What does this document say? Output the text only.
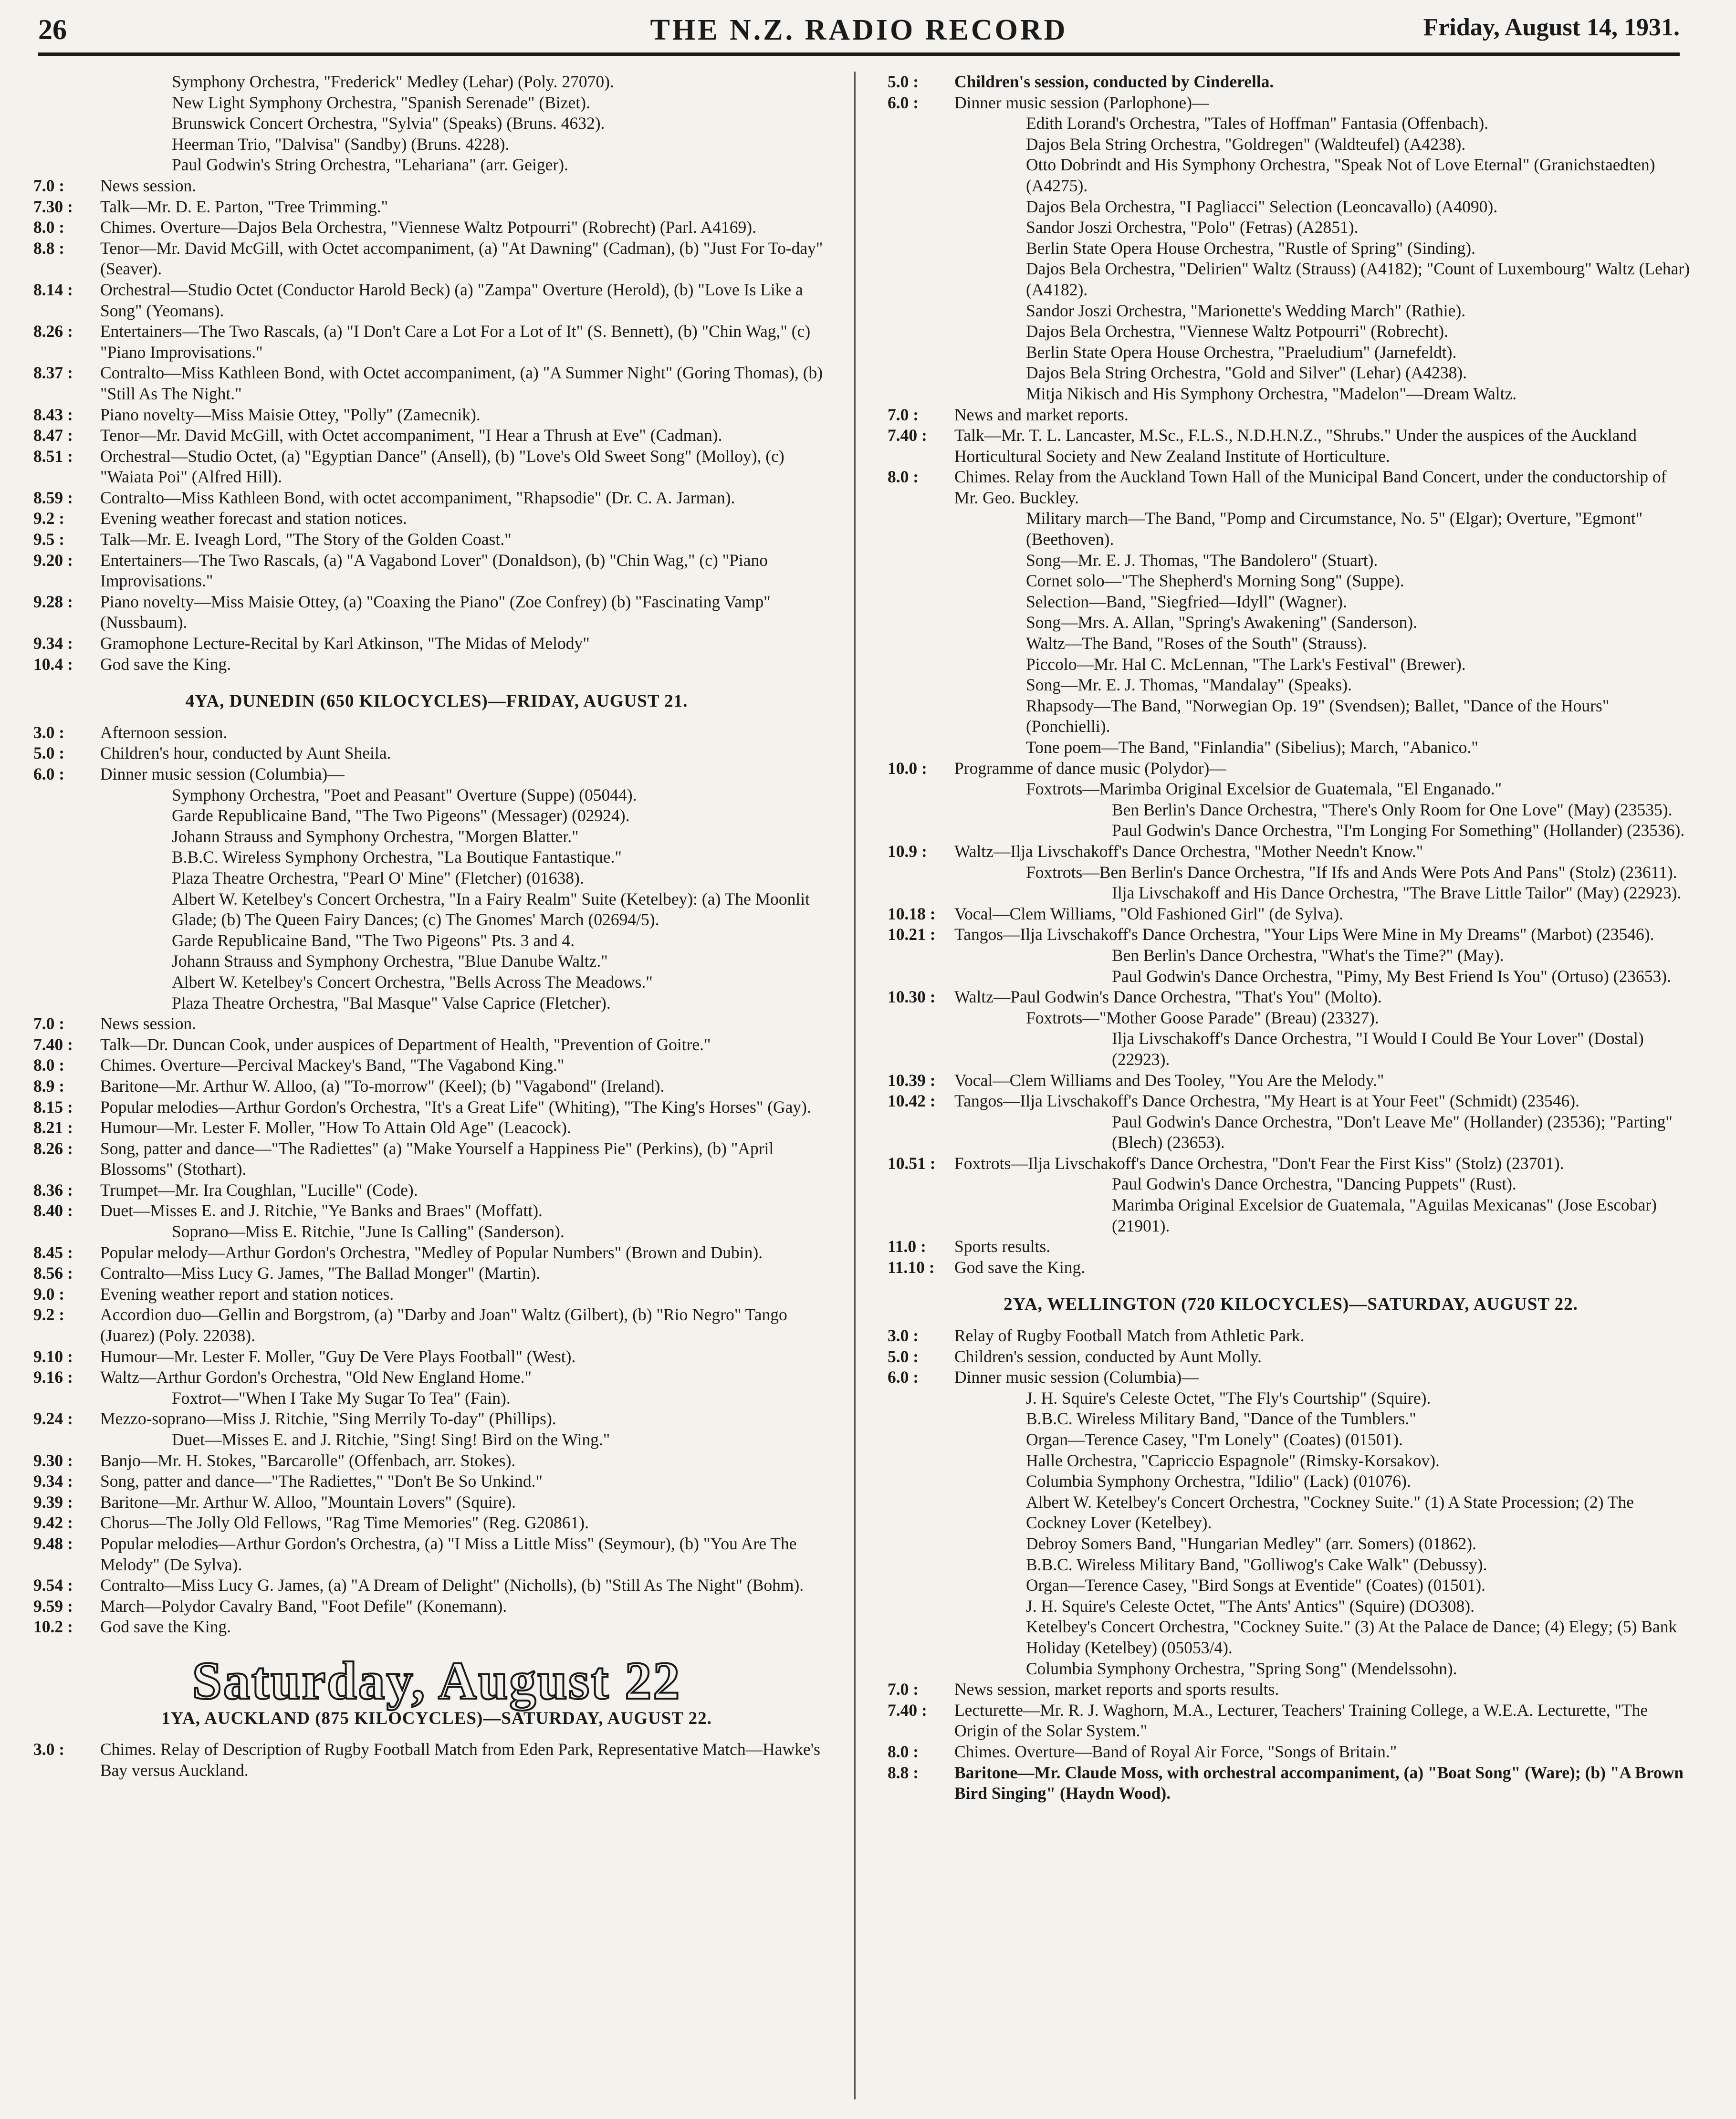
26	THE N.Z. RADIO RECORD	Friday, August 14, 1931.
Symphony Orchestra, "Frederick" Medley (Lehar) (Poly. 27070).
New Light Symphony Orchestra, "Spanish Serenade" (Bizet).
Brunswick Concert Orchestra, "Sylvia" (Speaks) (Bruns. 4632).
Heerman Trio, "Dalvisa" (Sandby) (Bruns. 4228).
Paul Godwin's String Orchestra, "Lehariana" (arr. Geiger).
7.0 :	News session.
7.30 :	Talk—Mr. D. E. Parton, "Tree Trimming."
8.0 :	Chimes. Overture—Dajos Bela Orchestra, "Viennese Waltz Potpourri" (Robrecht) (Parl. A4169).
8.8 :	Tenor—Mr. David McGill, with Octet accompaniment, (a) "At Dawning" (Cadman), (b) "Just For To-day" (Seaver).
8.14 :	Orchestral—Studio Octet (Conductor Harold Beck) (a) "Zampa" Overture (Herold), (b) "Love Is Like a Song" (Yeomans).
8.26 :	Entertainers—The Two Rascals, (a) "I Don't Care a Lot For a Lot of It" (S. Bennett), (b) "Chin Wag," (c) "Piano Improvisations."
8.37 :	Contralto—Miss Kathleen Bond, with Octet accompaniment, (a) "A Summer Night" (Goring Thomas), (b) "Still As The Night."
8.43 :	Piano novelty—Miss Maisie Ottey, "Polly" (Zamecnik).
8.47 :	Tenor—Mr. David McGill, with Octet accompaniment, "I Hear a Thrush at Eve" (Cadman).
8.51 :	Orchestral—Studio Octet, (a) "Egyptian Dance" (Ansell), (b) "Love's Old Sweet Song" (Molloy), (c) "Waiata Poi" (Alfred Hill).
8.59 :	Contralto—Miss Kathleen Bond, with octet accompaniment, "Rhapsodie" (Dr. C. A. Jarman).
9.2 :	Evening weather forecast and station notices.
9.5 :	Talk—Mr. E. Iveagh Lord, "The Story of the Golden Coast."
9.20 :	Entertainers—The Two Rascals, (a) "A Vagabond Lover" (Donaldson), (b) "Chin Wag," (c) "Piano Improvisations."
9.28 :	Piano novelty—Miss Maisie Ottey, (a) "Coaxing the Piano" (Zoe Confrey) (b) "Fascinating Vamp" (Nussbaum).
9.34 :	Gramophone Lecture-Recital by Karl Atkinson, "The Midas of Melody"
10.4 :	God save the King.
4YA, DUNEDIN (650 KILOCYCLES)—FRIDAY, AUGUST 21.
3.0 :	Afternoon session.
5.0 :	Children's hour, conducted by Aunt Sheila.
6.0 :	Dinner music session (Columbia)—
Symphony Orchestra, "Poet and Peasant" Overture (Suppe) (05044).
Garde Republicaine Band, "The Two Pigeons" (Messager) (02924).
Johann Strauss and Symphony Orchestra, "Morgen Blatter."
B.B.C. Wireless Symphony Orchestra, "La Boutique Fantastique."
Plaza Theatre Orchestra, "Pearl O' Mine" (Fletcher) (01638).
Albert W. Ketelbey's Concert Orchestra, "In a Fairy Realm" Suite (Ketelbey): (a) The Moonlit Glade; (b) The Queen Fairy Dances; (c) The Gnomes' March (02694/5).
Garde Republicaine Band, "The Two Pigeons" Pts. 3 and 4.
Johann Strauss and Symphony Orchestra, "Blue Danube Waltz."
Albert W. Ketelbey's Concert Orchestra, "Bells Across The Meadows."
Plaza Theatre Orchestra, "Bal Masque" Valse Caprice (Fletcher).
7.0 :	News session.
7.40 :	Talk—Dr. Duncan Cook, under auspices of Department of Health, "Prevention of Goitre."
8.0 :	Chimes. Overture—Percival Mackey's Band, "The Vagabond King."
8.9 :	Baritone—Mr. Arthur W. Alloo, (a) "To-morrow" (Keel); (b) "Vagabond" (Ireland).
8.15 :	Popular melodies—Arthur Gordon's Orchestra, "It's a Great Life" (Whiting), "The King's Horses" (Gay).
8.21 :	Humour—Mr. Lester F. Moller, "How To Attain Old Age" (Leacock).
8.26 :	Song, patter and dance—"The Radiettes" (a) "Make Yourself a Happiness Pie" (Perkins), (b) "April Blossoms" (Stothart).
8.36 :	Trumpet—Mr. Ira Coughlan, "Lucille" (Code).
8.40 :	Duet—Misses E. and J. Ritchie, "Ye Banks and Braes" (Moffatt).
Soprano—Miss E. Ritchie, "June Is Calling" (Sanderson).
8.45 :	Popular melody—Arthur Gordon's Orchestra, "Medley of Popular Numbers" (Brown and Dubin).
8.56 :	Contralto—Miss Lucy G. James, "The Ballad Monger" (Martin).
9.0 :	Evening weather report and station notices.
9.2 :	Accordion duo—Gellin and Borgstrom, (a) "Darby and Joan" Waltz (Gilbert), (b) "Rio Negro" Tango (Juarez) (Poly. 22038).
9.10 :	Humour—Mr. Lester F. Moller, "Guy De Vere Plays Football" (West).
9.16 :	Waltz—Arthur Gordon's Orchestra, "Old New England Home."
Foxtrot—"When I Take My Sugar To Tea" (Fain).
9.24 :	Mezzo-soprano—Miss J. Ritchie, "Sing Merrily To-day" (Phillips).
Duet—Misses E. and J. Ritchie, "Sing! Sing! Bird on the Wing."
9.30 :	Banjo—Mr. H. Stokes, "Barcarolle" (Offenbach, arr. Stokes).
9.34 :	Song, patter and dance—"The Radiettes," "Don't Be So Unkind."
9.39 :	Baritone—Mr. Arthur W. Alloo, "Mountain Lovers" (Squire).
9.42 :	Chorus—The Jolly Old Fellows, "Rag Time Memories" (Reg. G20861).
9.48 :	Popular melodies—Arthur Gordon's Orchestra, (a) "I Miss a Little Miss" (Seymour), (b) "You Are The Melody" (De Sylva).
9.54 :	Contralto—Miss Lucy G. James, (a) "A Dream of Delight" (Nicholls), (b) "Still As The Night" (Bohm).
9.59 :	March—Polydor Cavalry Band, "Foot Defile" (Konemann).
10.2 :	God save the King.
Saturday, August 22
1YA, AUCKLAND (875 KILOCYCLES)—SATURDAY, AUGUST 22.
3.0 :	Chimes. Relay of Description of Rugby Football Match from Eden Park, Representative Match—Hawke's Bay versus Auckland.
5.0 :	Children's session, conducted by Cinderella.
6.0 :	Dinner music session (Parlophone)—
Edith Lorand's Orchestra, "Tales of Hoffman" Fantasia (Offenbach).
Dajos Bela String Orchestra, "Goldregen" (Waldteufel) (A4238).
Otto Dobrindt and His Symphony Orchestra, "Speak Not of Love Eternal" (Granichstaedten) (A4275).
Dajos Bela Orchestra, "I Pagliacci" Selection (Leoncavallo) (A4090).
Sandor Joszi Orchestra, "Polo" (Fetras) (A2851).
Berlin State Opera House Orchestra, "Rustle of Spring" (Sinding).
Dajos Bela Orchestra, "Delirien" Waltz (Strauss) (A4182); "Count of Luxembourg" Waltz (Lehar) (A4182).
Sandor Joszi Orchestra, "Marionette's Wedding March" (Rathie).
Dajos Bela Orchestra, "Viennese Waltz Potpourri" (Robrecht).
Berlin State Opera House Orchestra, "Praeludium" (Jarnefeldt).
Dajos Bela String Orchestra, "Gold and Silver" (Lehar) (A4238).
Mitja Nikisch and His Symphony Orchestra, "Madelon"—Dream Waltz.
7.0 :	News and market reports.
7.40 :	Talk—Mr. T. L. Lancaster, M.Sc., F.L.S., N.D.H.N.Z., "Shrubs." Under the auspices of the Auckland Horticultural Society and New Zealand Institute of Horticulture.
8.0 :	Chimes. Relay from the Auckland Town Hall of the Municipal Band Concert, under the conductorship of Mr. Geo. Buckley.
Military march—The Band, "Pomp and Circumstance, No. 5" (Elgar); Overture, "Egmont" (Beethoven).
Song—Mr. E. J. Thomas, "The Bandolero" (Stuart).
Cornet solo—"The Shepherd's Morning Song" (Suppe).
Selection—Band, "Siegfried—Idyll" (Wagner).
Song—Mrs. A. Allan, "Spring's Awakening" (Sanderson).
Waltz—The Band, "Roses of the South" (Strauss).
Piccolo—Mr. Hal C. McLennan, "The Lark's Festival" (Brewer).
Song—Mr. E. J. Thomas, "Mandalay" (Speaks).
Rhapsody—The Band, "Norwegian Op. 19" (Svendsen); Ballet, "Dance of the Hours" (Ponchielli).
Tone poem—The Band, "Finlandia" (Sibelius); March, "Abanico."
10.0 :	Programme of dance music (Polydor)—
Foxtrots—Marimba Original Excelsior de Guatemala, "El Enganado."
Ben Berlin's Dance Orchestra, "There's Only Room for One Love" (May) (23535).
Paul Godwin's Dance Orchestra, "I'm Longing For Something" (Hollander) (23536).
10.9 :	Waltz—Ilja Livschakoff's Dance Orchestra, "Mother Needn't Know."
Foxtrots—Ben Berlin's Dance Orchestra, "If Ifs and Ands Were Pots And Pans" (Stolz) (23611).
Ilja Livschakoff and His Dance Orchestra, "The Brave Little Tailor" (May) (22923).
10.18 :	Vocal—Clem Williams, "Old Fashioned Girl" (de Sylva).
10.21 :	Tangos—Ilja Livschakoff's Dance Orchestra, "Your Lips Were Mine in My Dreams" (Marbot) (23546).
Ben Berlin's Dance Orchestra, "What's the Time?" (May).
Paul Godwin's Dance Orchestra, "Pimy, My Best Friend Is You" (Ortuso) (23653).
10.30 :	Waltz—Paul Godwin's Dance Orchestra, "That's You" (Molto).
Foxtrots—"Mother Goose Parade" (Breau) (23327).
Ilja Livschakoff's Dance Orchestra, "I Would I Could Be Your Lover" (Dostal) (22923).
10.39 :	Vocal—Clem Williams and Des Tooley, "You Are the Melody."
10.42 :	Tangos—Ilja Livschakoff's Dance Orchestra, "My Heart is at Your Feet" (Schmidt) (23546).
Paul Godwin's Dance Orchestra, "Don't Leave Me" (Hollander) (23536); "Parting" (Blech) (23653).
10.51 :	Foxtrots—Ilja Livschakoff's Dance Orchestra, "Don't Fear the First Kiss" (Stolz) (23701).
Paul Godwin's Dance Orchestra, "Dancing Puppets" (Rust).
Marimba Original Excelsior de Guatemala, "Aguilas Mexicanas" (Jose Escobar) (21901).
11.0 :	Sports results.
11.10 :	God save the King.
2YA, WELLINGTON (720 KILOCYCLES)—SATURDAY, AUGUST 22.
3.0 :	Relay of Rugby Football Match from Athletic Park.
5.0 :	Children's session, conducted by Aunt Molly.
6.0 :	Dinner music session (Columbia)—
J. H. Squire's Celeste Octet, "The Fly's Courtship" (Squire).
B.B.C. Wireless Military Band, "Dance of the Tumblers."
Organ—Terence Casey, "I'm Lonely" (Coates) (01501).
Halle Orchestra, "Capriccio Espagnole" (Rimsky-Korsakov).
Columbia Symphony Orchestra, "Idilio" (Lack) (01076).
Albert W. Ketelbey's Concert Orchestra, "Cockney Suite." (1) A State Procession; (2) The Cockney Lover (Ketelbey).
Debroy Somers Band, "Hungarian Medley" (arr. Somers) (01862).
B.B.C. Wireless Military Band, "Golliwog's Cake Walk" (Debussy).
Organ—Terence Casey, "Bird Songs at Eventide" (Coates) (01501).
J. H. Squire's Celeste Octet, "The Ants' Antics" (Squire) (DO308).
Ketelbey's Concert Orchestra, "Cockney Suite." (3) At the Palace de Dance; (4) Elegy; (5) Bank Holiday (Ketelbey) (05053/4).
Columbia Symphony Orchestra, "Spring Song" (Mendelssohn).
7.0 :	News session, market reports and sports results.
7.40 :	Lecturette—Mr. R. J. Waghorn, M.A., Lecturer, Teachers' Training College, a W.E.A. Lecturette, "The Origin of the Solar System."
8.0 :	Chimes. Overture—Band of Royal Air Force, "Songs of Britain."
8.8 :	Baritone—Mr. Claude Moss, with orchestral accompaniment, (a) "Boat Song" (Ware); (b) "A Brown Bird Singing" (Haydn Wood).
